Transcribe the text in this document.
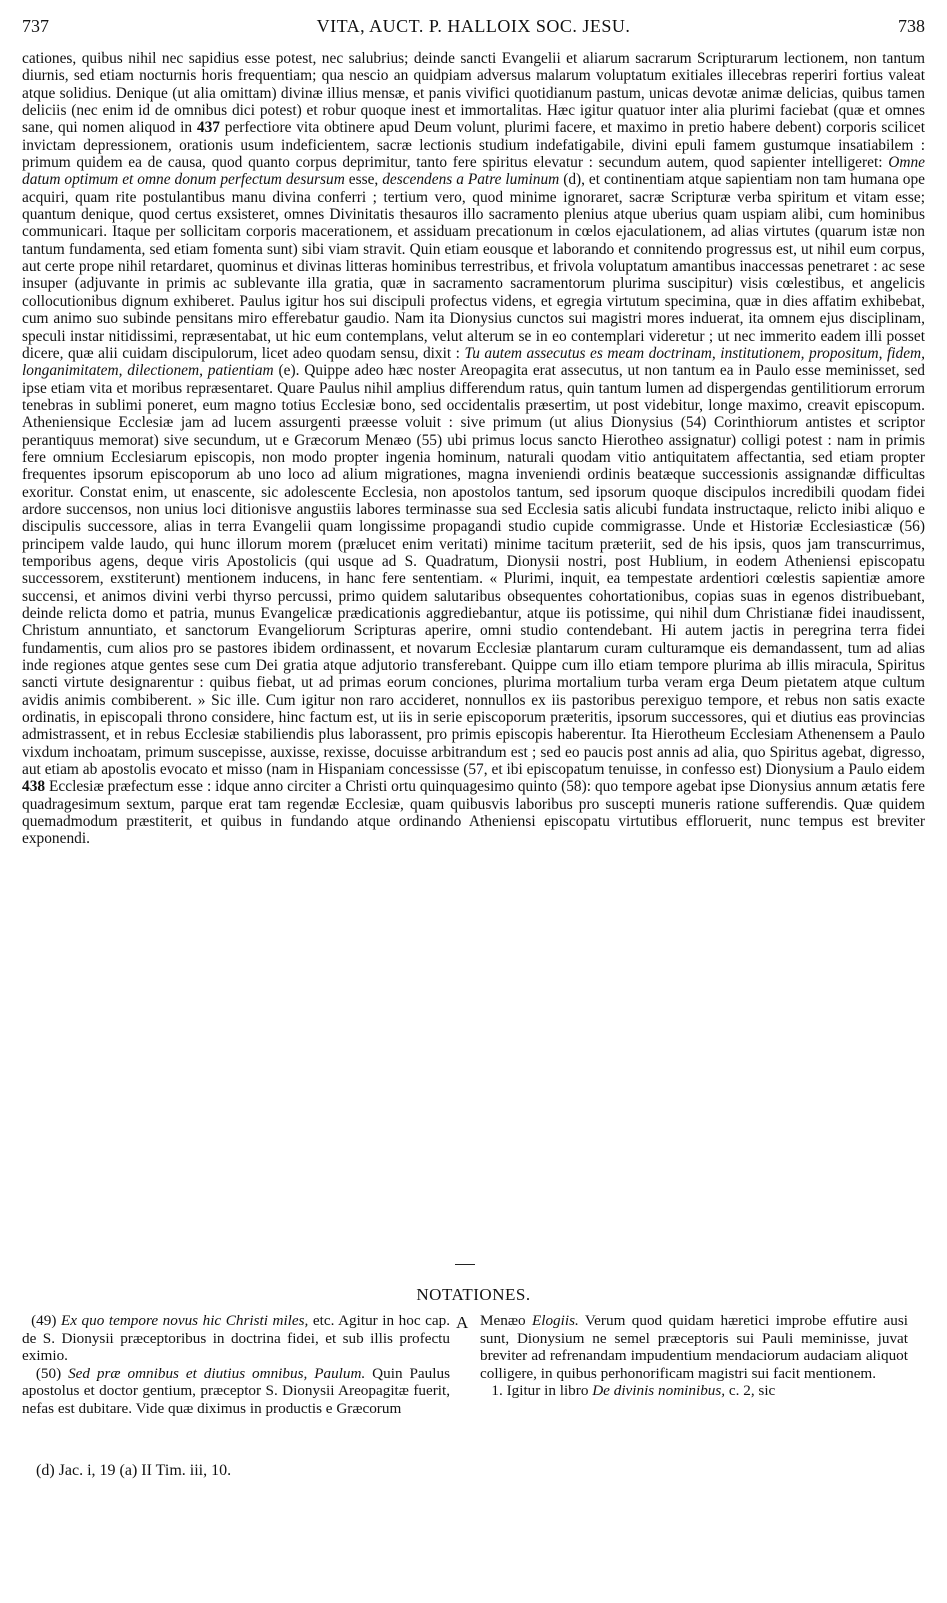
737	VITA, AUCT. P. HALLOIX SOC. JESU.	738

cationes, quibus nihil nec sapidius esse potest, nec salubrius; deinde sancti Evangelii et aliarum sacrarum Scripturarum lectionem, non tantum diurnis, sed etiam nocturnis horis frequentiam; qua nescio an quidpiam adversus malarum voluptatum exitiales illecebras reperiri fortius valeat atque solidius. Denique (ut alia omittam) divinæ illius mensæ, et panis vivifici quotidianum pastum, unicas devotæ animæ delicias, quibus tamen deliciis (nec enim id de omnibus dici potest) et robur quoque inest et immortalitas. Hæc igitur quatuor inter alia plurimi faciebat (quæ et omnes sane, qui nomen aliquod in 437 perfectiore vita obtinere apud Deum volunt, plurimi facere, et maximo in pretio habere debent) corporis scilicet invictam depressionem, orationis usum indeficientem, sacræ lectionis studium indefatigabile, divini epuli famem gustumque insatiabilem : primum quidem ea de causa, quod quanto corpus deprimitur, tanto fere spiritus elevatur : secundum autem, quod sapienter intelligeret: Omne datum optimum et omne donum perfectum desursum esse, descendens a Patre luminum (d), et continentiam atque sapientiam non tam humana ope acquiri, quam rite postulantibus manu divina conferri ; tertium vero, quod minime ignoraret, sacræ Scripturæ verba spiritum et vitam esse; quantum denique, quod certus exsisteret, omnes Divinitatis thesauros illo sacramento plenius atque uberius quam uspiam alibi, cum hominibus communicari. Itaque per sollicitam corporis macerationem, et assiduam precationum in cœlos ejaculationem, ad alias virtutes (quarum istæ non tantum fundamenta, sed etiam fomenta sunt) sibi viam stravit. Quin etiam eousque et laborando et connitendo progressus est, ut nihil eum corpus, aut certe prope nihil retardaret, quominus et divinas litteras hominibus terrestribus, et frivola voluptatum amantibus inaccessas penetraret : ac sese insuper (adjuvante in primis ac sublevante illa gratia, quæ in sacramento sacramentorum plurima suscipitur) visis cœlestibus, et angelicis collocutionibus dignum exhiberet. Paulus igitur hos sui discipuli profectus videns, et egregia virtutum specimina, quæ in dies affatim exhibebat, cum animo suo subinde pensitans miro efferebatur gaudio. Nam ita Dionysius cunctos sui magistri mores induerat, ita omnem ejus disciplinam, speculi instar nitidissimi, repræsentabat, ut hic eum contemplans, velut alterum se in eo contemplari videretur ; ut nec immerito eadem illi posset dicere, quæ alii cuidam discipulorum, licet adeo quodam sensu, dixit : Tu autem assecutus es meam doctrinam, institutionem, propositum, fidem, longanimitatem, dilectionem, patientiam (e). Quippe adeo hæc noster Areopagita erat assecutus, ut non tantum ea in Paulo esse meminisset, sed ipse etiam vita et moribus repræsentaret. Quare Paulus nihil amplius differendum ratus, quin tantum lumen ad dispergendas gentilitiorum errorum tenebras in sublimi poneret, eum magno totius Ecclesiæ bono, sed occidentalis præsertim, ut post videbitur, longe maximo, creavit episcopum. Atheniensique Ecclesiæ jam ad lucem assurgenti præesse voluit : sive primum (ut alius Dionysius (54) Corinthiorum antistes et scriptor perantiquus memorat) sive secundum, ut e Græcorum Menæo (55) ubi primus locus sancto Hierotheo assignatur) colligi potest : nam in primis fere omnium Ecclesiarum episcopis, non modo propter ingenia hominum, naturali quodam vitio antiquitatem affectantia, sed etiam propter frequentes ipsorum episcoporum ab uno loco ad alium migrationes, magna inveniendi ordinis beatæque successionis assignandæ difficultas exoritur. Constat enim, ut enascente, sic adolescente Ecclesia, non apostolos tantum, sed ipsorum quoque discipulos incredibili quodam fidei ardore succensos, non unius loci ditionisve angustiis labores terminasse sua sed Ecclesia satis alicubi fundata instructaque, relicto inibi aliquo e discipulis successore, alias in terra Evangelii quam longissime propagandi studio cupide commigrasse. Unde et Historiæ Ecclesiasticæ (56) principem valde laudo, qui hunc illorum morem (prælucet enim veritati) minime tacitum præteriit, sed de his ipsis, quos jam transcurrimus, temporibus agens, deque viris Apostolicis (qui usque ad S. Quadratum, Dionysii nostri, post Hublium, in eodem Atheniensi episcopatu successorem, exstiterunt) mentionem inducens, in hanc fere sententiam. « Plurimi, inquit, ea tempestate ardentiori cœlestis sapientiæ amore succensi, et animos divini verbi thyrso percussi, primo quidem salutaribus obsequentes cohortationibus, copias suas in egenos distribuebant, deinde relicta domo et patria, munus Evangelicæ prædicationis aggrediebantur, atque iis potissime, qui nihil dum Christianæ fidei inaudissent, Christum annuntiato, et sanctorum Evangeliorum Scripturas aperire, omni studio contendebant. Hi autem jactis in peregrina terra fidei fundamentis, cum alios pro se pastores ibidem ordinassent, et novarum Ecclesiæ plantarum curam culturamque eis demandassent, tum ad alias inde regiones atque gentes sese cum Dei gratia atque adjutorio transferebant. Quippe cum illo etiam tempore plurima ab illis miracula, Spiritus sancti virtute designarentur : quibus fiebat, ut ad primas eorum conciones, plurima mortalium turba veram erga Deum pietatem atque cultum avidis animis combiberent. » Sic ille. Cum igitur non raro accideret, nonnullos ex iis pastoribus perexiguo tempore, et rebus non satis exacte ordinatis, in episcopali throno considere, hinc factum est, ut iis in serie episcoporum præteritis, ipsorum successores, qui et diutius eas provincias admistrassent, et in rebus Ecclesiæ stabiliendis plus laborassent, pro primis episcopis haberentur. Ita Hierotheum Ecclesiam Athenensem a Paulo vixdum inchoatam, primum suscepisse, auxisse, rexisse, docuisse arbitrandum est ; sed eo paucis post annis ad alia, quo Spiritus agebat, digresso, aut etiam ab apostolis evocato et misso (nam in Hispaniam concessisse (57, et ibi episcopatum tenuisse, in confesso est) Dionysium a Paulo eidem 438 Ecclesiæ præfectum esse : idque anno circiter a Christi ortu quinquagesimo quinto (58): quo tempore agebat ipse Dionysius annum ætatis fere quadragesimum sextum, parque erat tam regendæ Ecclesiæ, quam quibusvis laboribus pro suscepti muneris ratione sufferendis. Quæ quidem quemadmodum præstiterit, et quibus in fundando atque ordinando Atheniensi episcopatu virtutibus effloruerit, nunc tempus est breviter exponendi.

NOTATIONES.

(49) Ex quo tempore novus hic Christi miles, etc. Agitur in hoc cap. de S. Dionysii præceptoribus in doctrina fidei, et sub illis profectu eximio.

(50) Sed præ omnibus et diutius omnibus, Paulum. Quin Paulus apostolus et doctor gentium, præceptor S. Dionysii Areopagitæ fuerit, nefas est dubitare. Vide quæ diximus in productis e Græcorum

A Menæo Elogiis. Verum quod quidam hæretici improbe effutire ausi sunt, Dionysium ne semel præceptoris sui Pauli meminisse, juvat breviter ad refrenandam impudentium mendaciorum audaciam aliquot colligere, in quibus perhonorificam magistri sui facit mentionem.

1. Igitur in libro De divinis nominibus, c. 2, sic

(d) Jac. i, 19 (a) II Tim. iii, 10.
